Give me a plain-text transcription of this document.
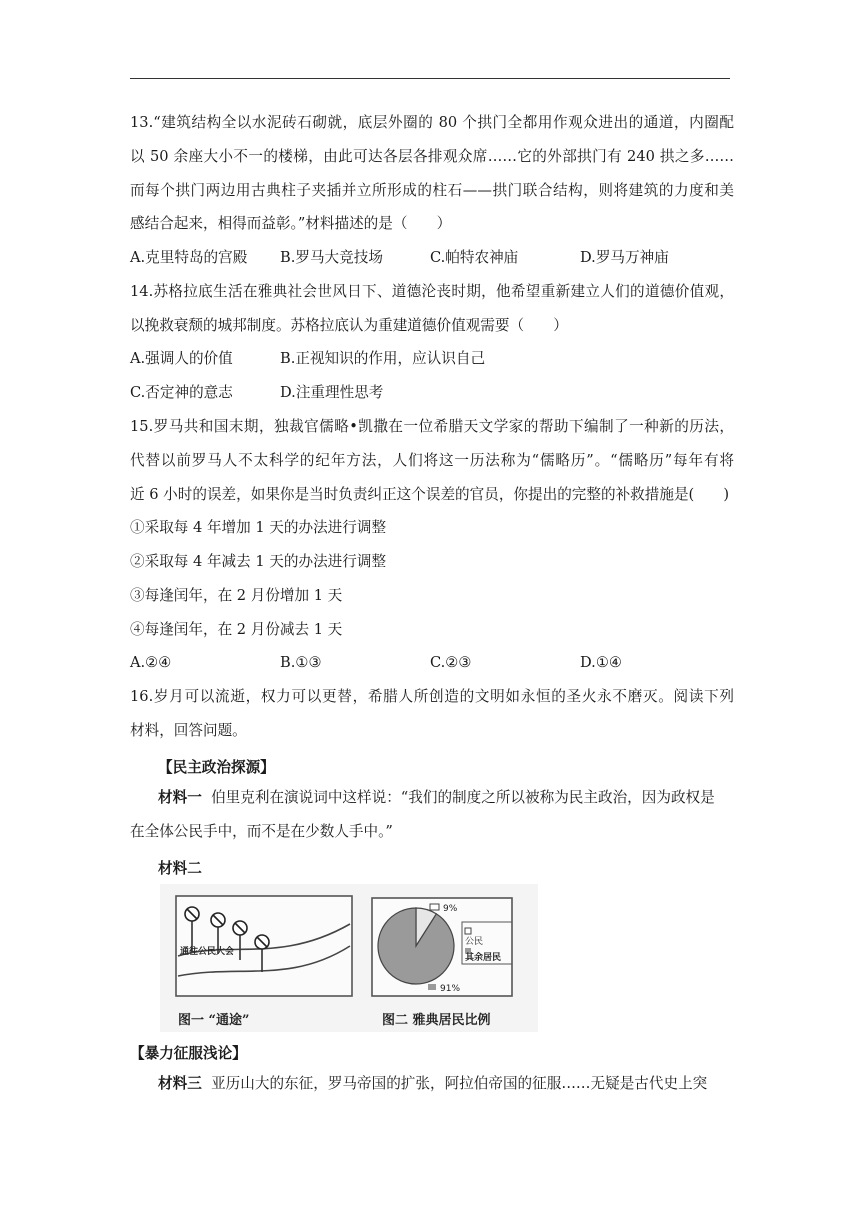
13.“建筑结构全以水泥砖石砌就，底层外圈的 80 个拱门全都用作观众进出的通道，内圈配
以 50 余座大小不一的楼梯，由此可达各层各排观众席……它的外部拱门有 240 拱之多……
而每个拱门两边用古典柱子夹插并立所形成的柱石——拱门联合结构，则将建筑的力度和美
感结合起来，相得而益彰。”材料描述的是（　　）
A.克里特岛的宫殿 B.罗马大竞技场	C.帕特农神庙	D.罗马万神庙
14.苏格拉底生活在雅典社会世风日下、道德沦丧时期，他希望重新建立人们的道德价值观，
以挽救衰颓的城邦制度。苏格拉底认为重建道德价值观需要（　　）
A.强调人的价值	B.正视知识的作用，应认识自己
C.否定神的意志	D.注重理性思考
15.罗马共和国末期，独裁官儒略•凯撒在一位希腊天文学家的帮助下编制了一种新的历法，
代替以前罗马人不太科学的纪年方法，人们将这一历法称为“儒略历”。“儒略历”每年有将
近 6 小时的误差，如果你是当时负责纠正这个误差的官员，你提出的完整的补救措施是(　　)
①采取每 4 年增加 1 天的办法进行调整
②采取每 4 年减去 1 天的办法进行调整
③每逢闰年，在 2 月份增加 1 天
④每逢闰年，在 2 月份减去 1 天
A.②④	B.①③	C.②③	D.①④
16.岁月可以流逝，权力可以更替，希腊人所创造的文明如永恒的圣火永不磨灭。阅读下列
材料，回答问题。
【民主政治探源】
材料一 伯里克利在演说词中这样说：“我们的制度之所以被称为民主政治，因为政权是
在全体公民手中，而不是在少数人手中。”
材料二
通往公民大会
图一 “通途”
9%
公民
其余居民
91%
图二 雅典居民比例
【暴力征服浅论】
材料三 亚历山大的东征，罗马帝国的扩张，阿拉伯帝国的征服……无疑是古代史上突
